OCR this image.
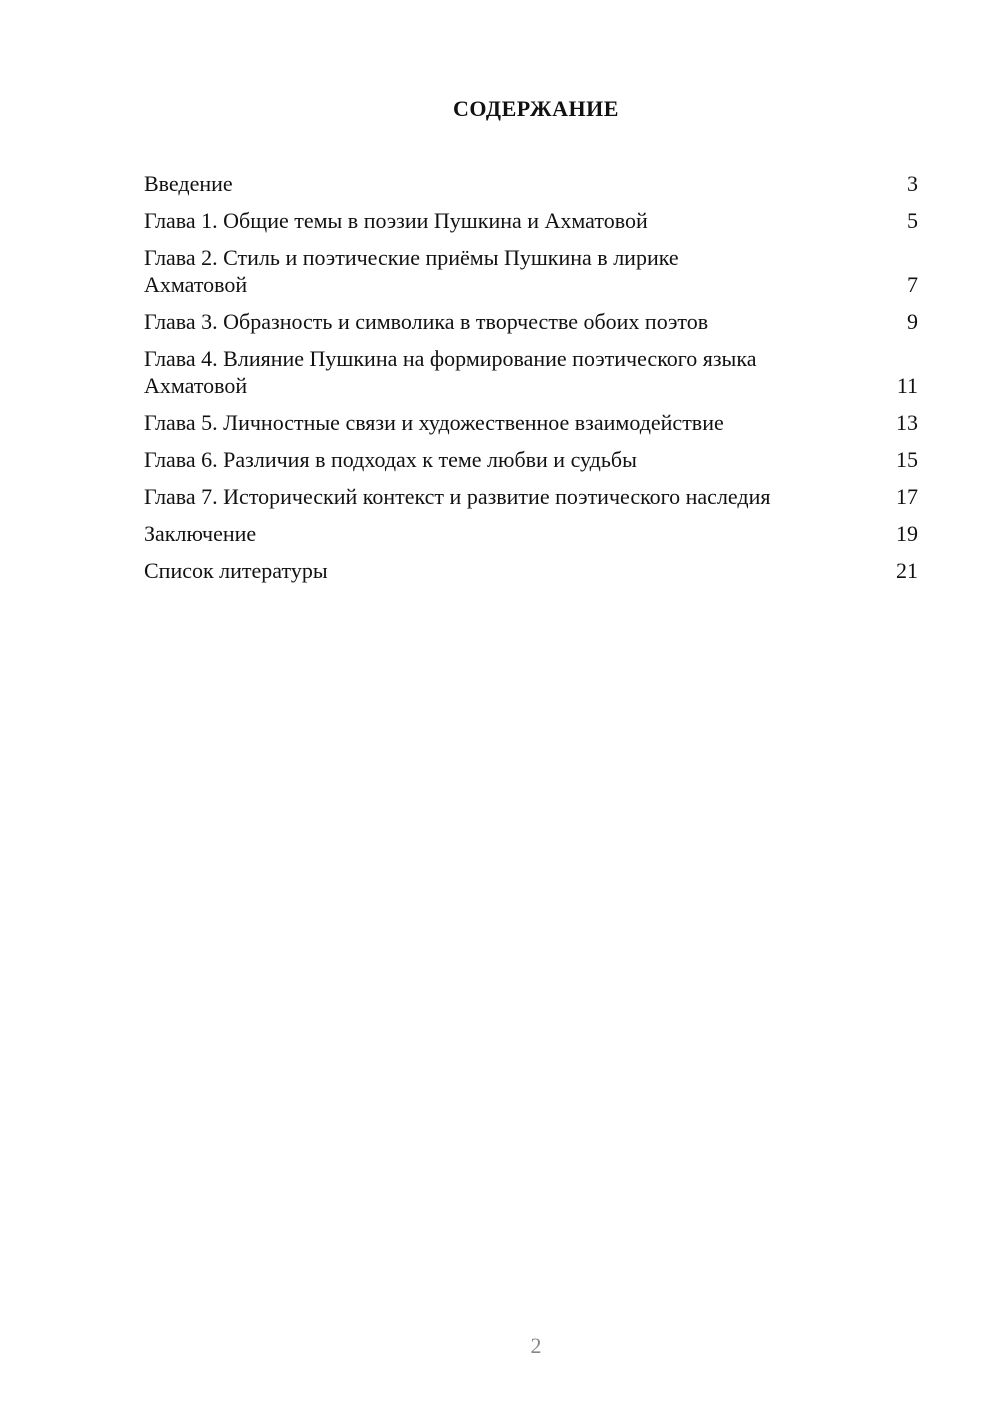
СОДЕРЖАНИЕ
Введение	3
Глава 1. Общие темы в поэзии Пушкина и Ахматовой	5
Глава 2. Стиль и поэтические приёмы Пушкина в лирике Ахматовой	7
Глава 3. Образность и символика в творчестве обоих поэтов	9
Глава 4. Влияние Пушкина на формирование поэтического языка Ахматовой	11
Глава 5. Личностные связи и художественное взаимодействие	13
Глава 6. Различия в подходах к теме любви и судьбы	15
Глава 7. Исторический контекст и развитие поэтического наследия	17
Заключение	19
Список литературы	21
2
